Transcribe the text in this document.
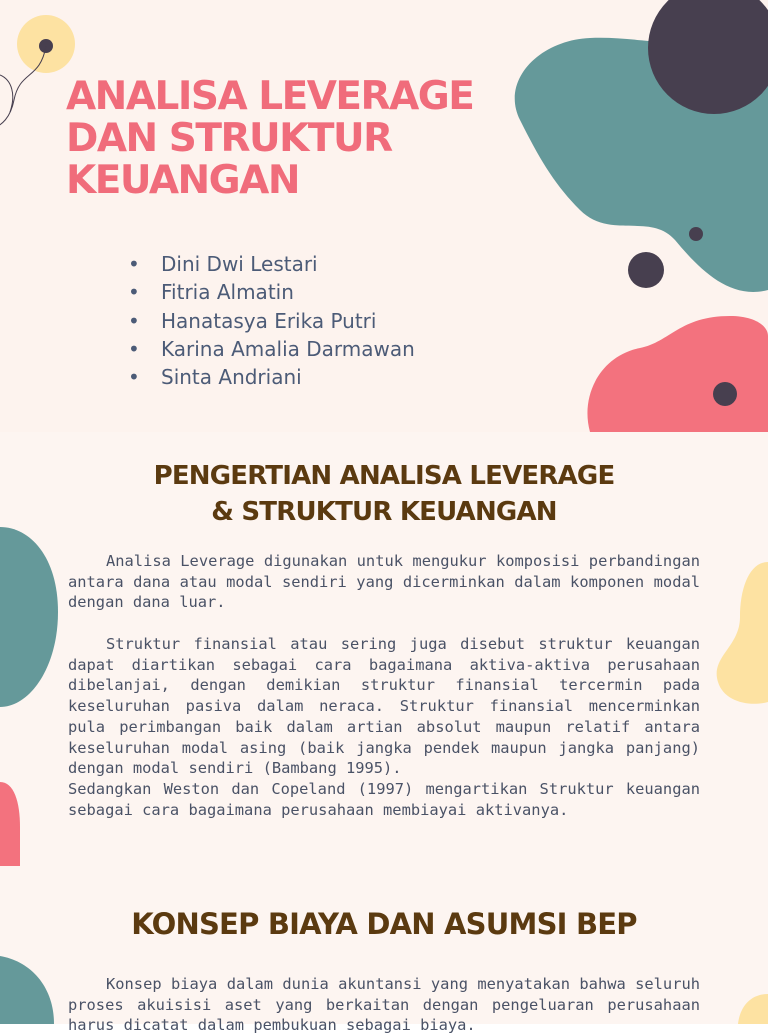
ANALISA LEVERAGE DAN STRUKTUR KEUANGAN
• Dini Dwi Lestari
• Fitria Almatin
• Hanatasya Erika Putri
• Karina Amalia Darmawan
• Sinta Andriani
PENGERTIAN ANALISA LEVERAGE
& STRUKTUR KEUANGAN

Analisa Leverage digunakan untuk mengukur komposisi perbandingan antara dana atau modal sendiri yang dicerminkan dalam komponen modal dengan dana luar.

Struktur finansial atau sering juga disebut struktur keuangan dapat diartikan sebagai cara bagaimana aktiva-aktiva perusahaan dibelanjai, dengan demikian struktur finansial tercermin pada keseluruhan pasiva dalam neraca. Struktur finansial mencerminkan pula perimbangan baik dalam artian absolut maupun relatif antara keseluruhan modal asing (baik jangka pendek maupun jangka panjang) dengan modal sendiri (Bambang 1995).

Sedangkan Weston dan Copeland (1997) mengartikan Struktur keuangan sebagai cara bagaimana perusahaan membiayai aktivanya.

KONSEP BIAYA DAN ASUMSI BEP

Konsep biaya dalam dunia akuntansi yang menyatakan bahwa seluruh proses akuisisi aset yang berkaitan dengan pengeluaran perusahaan harus dicatat dalam pembukuan sebagai biaya.
